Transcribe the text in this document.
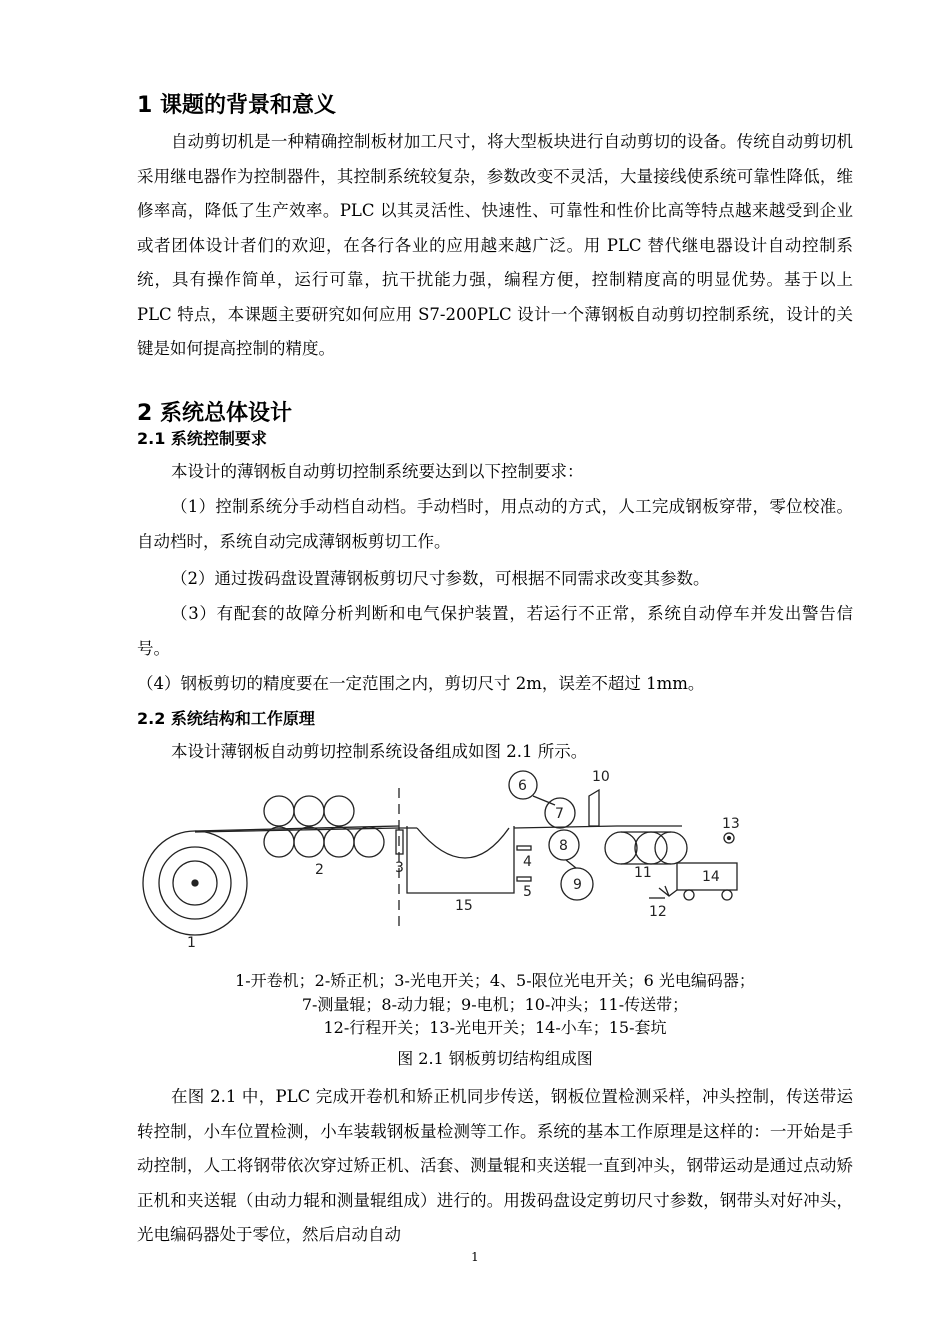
1 课题的背景和意义

自动剪切机是一种精确控制板材加工尺寸，将大型板块进行自动剪切的设备。传统自动剪切机采用继电器作为控制器件，其控制系统较复杂，参数改变不灵活，大量接线使系统可靠性降低，维修率高，降低了生产效率。PLC 以其灵活性、快速性、可靠性和性价比高等特点越来越受到企业或者团体设计者们的欢迎，在各行各业的应用越来越广泛。用 PLC 替代继电器设计自动控制系统，具有操作简单，运行可靠，抗干扰能力强，编程方便，控制精度高的明显优势。基于以上 PLC 特点，本课题主要研究如何应用 S7-200PLC 设计一个薄钢板自动剪切控制系统，设计的关键是如何提高控制的精度。

2 系统总体设计
2.1 系统控制要求

本设计的薄钢板自动剪切控制系统要达到以下控制要求：

（1）控制系统分手动档自动档。手动档时，用点动的方式，人工完成钢板穿带，零位校准。自动档时，系统自动完成薄钢板剪切工作。

（2）通过拨码盘设置薄钢板剪切尺寸参数，可根据不同需求改变其参数。

（3）有配套的故障分析判断和电气保护装置，若运行不正常，系统自动停车并发出警告信号。

（4）钢板剪切的精度要在一定范围之内，剪切尺寸 2m，误差不超过 1mm。

2.2 系统结构和工作原理

本设计薄钢板自动剪切控制系统设备组成如图 2.1 所示。

1
2	3	4
5
6
7
8
9
10
11
12
13
14
15

1-开卷机；2-矫正机；3-光电开关；4、5-限位光电开关；6 光电编码器；

7-测量辊；8-动力辊；9-电机；10-冲头；11-传送带；

12-行程开关；13-光电开关；14-小车；15-套坑

图 2.1 钢板剪切结构组成图

在图 2.1 中，PLC 完成开卷机和矫正机同步传送，钢板位置检测采样，冲头控制，传送带运转控制，小车位置检测，小车装载钢板量检测等工作。系统的基本工作原理是这样的：一开始是手动控制，人工将钢带依次穿过矫正机、活套、测量辊和夹送辊一直到冲头，钢带运动是通过点动矫正机和夹送辊（由动力辊和测量辊组成）进行的。用拨码盘设定剪切尺寸参数，钢带头对好冲头，光电编码器处于零位，然后启动自动

1
